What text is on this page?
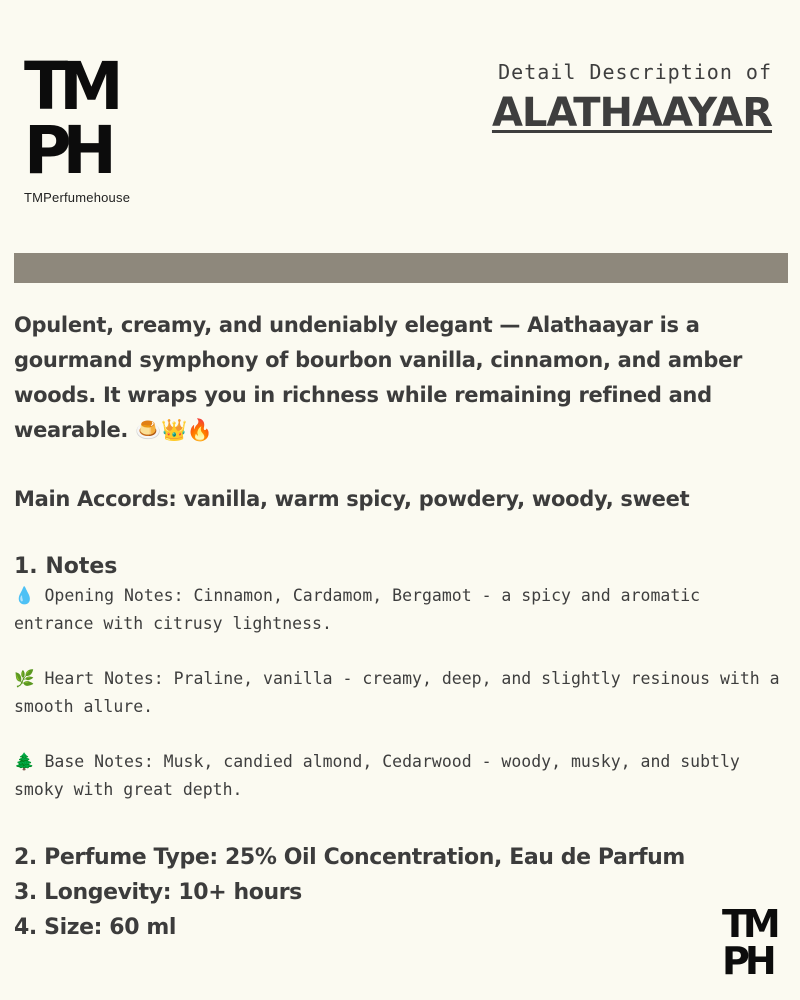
TM
PH
TMPerfumehouse
Detail Description of
ALATHAAYAR

Opulent, creamy, and undeniably elegant — Alathaayar is a gourmand symphony of bourbon vanilla, cinnamon, and amber woods. It wraps you in richness while remaining refined and wearable. 🍮👑🔥

Main Accords: vanilla, warm spicy, powdery, woody, sweet
1. Notes

💧 Opening Notes: Cinnamon, Cardamom, Bergamot - a spicy and aromatic entrance with citrusy lightness.

🌿 Heart Notes: Praline, vanilla - creamy, deep, and slightly resinous with a smooth allure.

🌲 Base Notes: Musk, candied almond, Cedarwood - woody, musky, and subtly smoky with great depth.

2. Perfume Type: 25% Oil Concentration, Eau de Parfum
3. Longevity: 10+ hours
4. Size: 60 ml	TM
PH
